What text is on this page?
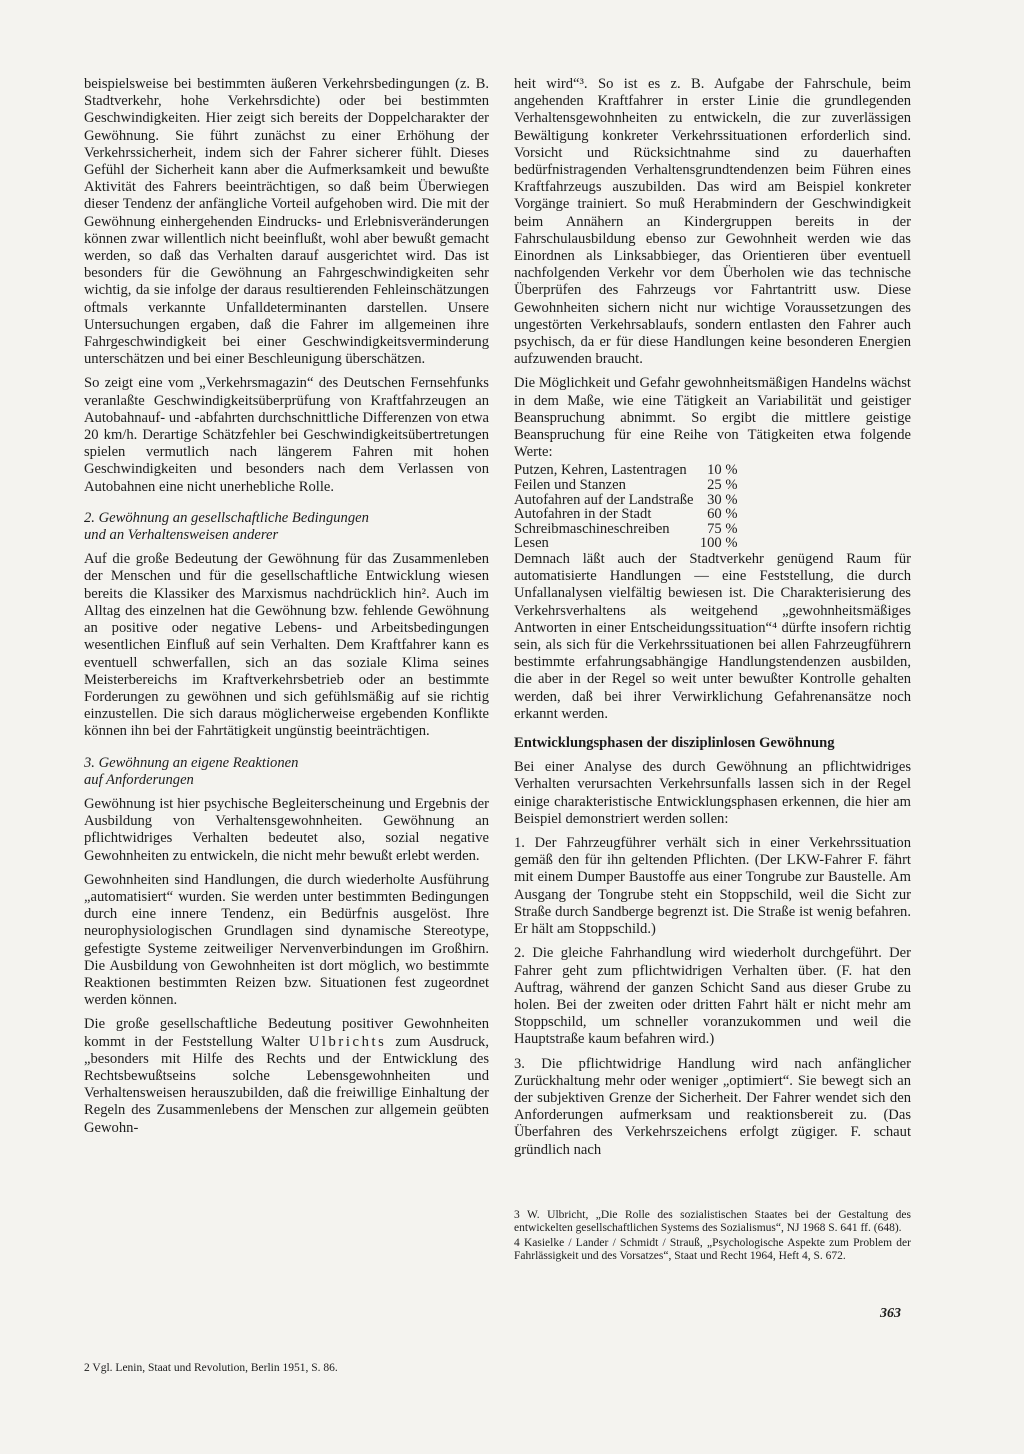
beispielsweise bei bestimmten äußeren Verkehrsbedingungen (z. B. Stadtverkehr, hohe Verkehrsdichte) oder bei bestimmten Geschwindigkeiten. Hier zeigt sich bereits der Doppelcharakter der Gewöhnung. Sie führt zunächst zu einer Erhöhung der Verkehrssicherheit, indem sich der Fahrer sicherer fühlt. Dieses Gefühl der Sicherheit kann aber die Aufmerksamkeit und bewußte Aktivität des Fahrers beeinträchtigen, so daß beim Überwiegen dieser Tendenz der anfängliche Vorteil aufgehoben wird. Die mit der Gewöhnung einhergehenden Eindrucks- und Erlebnisveränderungen können zwar willentlich nicht beeinflußt, wohl aber bewußt gemacht werden, so daß das Verhalten darauf ausgerichtet wird. Das ist besonders für die Gewöhnung an Fahrgeschwindigkeiten sehr wichtig, da sie infolge der daraus resultierenden Fehleinschätzungen oftmals verkannte Unfalldeterminanten darstellen. Unsere Untersuchungen ergaben, daß die Fahrer im allgemeinen ihre Fahrgeschwindigkeit bei einer Geschwindigkeitsverminderung unterschätzen und bei einer Beschleunigung überschätzen.

So zeigt eine vom „Verkehrsmagazin“ des Deutschen Fernsehfunks veranlaßte Geschwindigkeitsüberprüfung von Kraftfahrzeugen an Autobahnauf- und -abfahrten durchschnittliche Differenzen von etwa 20 km/h. Derartige Schätzfehler bei Geschwindigkeitsübertretungen spielen vermutlich nach längerem Fahren mit hohen Geschwindigkeiten und besonders nach dem Verlassen von Autobahnen eine nicht unerhebliche Rolle.

2. Gewöhnung an gesellschaftliche Bedingungen
und an Verhaltensweisen anderer

Auf die große Bedeutung der Gewöhnung für das Zusammenleben der Menschen und für die gesellschaftliche Entwicklung wiesen bereits die Klassiker des Marxismus nachdrücklich hin². Auch im Alltag des einzelnen hat die Gewöhnung bzw. fehlende Gewöhnung an positive oder negative Lebens- und Arbeitsbedingungen wesentlichen Einfluß auf sein Verhalten. Dem Kraftfahrer kann es eventuell schwerfallen, sich an das soziale Klima seines Meisterbereichs im Kraftverkehrsbetrieb oder an bestimmte Forderungen zu gewöhnen und sich gefühlsmäßig auf sie richtig einzustellen. Die sich daraus möglicherweise ergebenden Konflikte können ihn bei der Fahrtätigkeit ungünstig beeinträchtigen.

3. Gewöhnung an eigene Reaktionen
auf Anforderungen

Gewöhnung ist hier psychische Begleiterscheinung und Ergebnis der Ausbildung von Verhaltensgewohnheiten. Gewöhnung an pflichtwidriges Verhalten bedeutet also, sozial negative Gewohnheiten zu entwickeln, die nicht mehr bewußt erlebt werden.

Gewohnheiten sind Handlungen, die durch wiederholte Ausführung „automatisiert“ wurden. Sie werden unter bestimmten Bedingungen durch eine innere Tendenz, ein Bedürfnis ausgelöst. Ihre neurophysiologischen Grundlagen sind dynamische Stereotype, gefestigte Systeme zeitweiliger Nervenverbindungen im Großhirn. Die Ausbildung von Gewohnheiten ist dort möglich, wo bestimmte Reaktionen bestimmten Reizen bzw. Situationen fest zugeordnet werden können.

Die große gesellschaftliche Bedeutung positiver Gewohnheiten kommt in der Feststellung Walter Ulbrichts zum Ausdruck, „besonders mit Hilfe des Rechts und der Entwicklung des Rechtsbewußtseins solche Lebensgewohnheiten und Verhaltensweisen herauszubilden, daß die freiwillige Einhaltung der Regeln des Zusammenlebens der Menschen zur allgemein geübten Gewohn-

heit wird“³. So ist es z. B. Aufgabe der Fahrschule, beim angehenden Kraftfahrer in erster Linie die grundlegenden Verhaltensgewohnheiten zu entwickeln, die zur zuverlässigen Bewältigung konkreter Verkehrssituationen erforderlich sind. Vorsicht und Rücksichtnahme sind zu dauerhaften bedürfnistragenden Verhaltensgrundtendenzen beim Führen eines Kraftfahrzeugs auszubilden. Das wird am Beispiel konkreter Vorgänge trainiert. So muß Herabmindern der Geschwindigkeit beim Annähern an Kindergruppen bereits in der Fahrschulausbildung ebenso zur Gewohnheit werden wie das Einordnen als Linksabbieger, das Orientieren über eventuell nachfolgenden Verkehr vor dem Überholen wie das technische Überprüfen des Fahrzeugs vor Fahrtantritt usw. Diese Gewohnheiten sichern nicht nur wichtige Voraussetzungen des ungestörten Verkehrsablaufs, sondern entlasten den Fahrer auch psychisch, da er für diese Handlungen keine besonderen Energien aufzuwenden braucht.

Die Möglichkeit und Gefahr gewohnheitsmäßigen Handelns wächst in dem Maße, wie eine Tätigkeit an Variabilität und geistiger Beanspruchung abnimmt. So ergibt die mittlere geistige Beanspruchung für eine Reihe von Tätigkeiten etwa folgende Werte:

Putzen, Kehren, Lastentragen	10 %
Feilen und Stanzen	25 %
Autofahren auf der Landstraße	30 %
Autofahren in der Stadt	60 %
Schreibmaschineschreiben	75 %
Lesen	100 %

Demnach läßt auch der Stadtverkehr genügend Raum für automatisierte Handlungen — eine Feststellung, die durch Unfallanalysen vielfältig bewiesen ist. Die Charakterisierung des Verkehrsverhaltens als weitgehend „gewohnheitsmäßiges Antworten in einer Entscheidungssituation“⁴ dürfte insofern richtig sein, als sich für die Verkehrssituationen bei allen Fahrzeugführern bestimmte erfahrungsabhängige Handlungstendenzen ausbilden, die aber in der Regel so weit unter bewußter Kontrolle gehalten werden, daß bei ihrer Verwirklichung Gefahrenansätze noch erkannt werden.

Entwicklungsphasen der disziplinlosen Gewöhnung

Bei einer Analyse des durch Gewöhnung an pflichtwidriges Verhalten verursachten Verkehrsunfalls lassen sich in der Regel einige charakteristische Entwicklungsphasen erkennen, die hier am Beispiel demonstriert werden sollen:

1. Der Fahrzeugführer verhält sich in einer Verkehrssituation gemäß den für ihn geltenden Pflichten. (Der LKW-Fahrer F. fährt mit einem Dumper Baustoffe aus einer Tongrube zur Baustelle. Am Ausgang der Tongrube steht ein Stoppschild, weil die Sicht zur Straße durch Sandberge begrenzt ist. Die Straße ist wenig befahren. Er hält am Stoppschild.)

2. Die gleiche Fahrhandlung wird wiederholt durchgeführt. Der Fahrer geht zum pflichtwidrigen Verhalten über. (F. hat den Auftrag, während der ganzen Schicht Sand aus dieser Grube zu holen. Bei der zweiten oder dritten Fahrt hält er nicht mehr am Stoppschild, um schneller voranzukommen und weil die Hauptstraße kaum befahren wird.)

3. Die pflichtwidrige Handlung wird nach anfänglicher Zurückhaltung mehr oder weniger „optimiert“. Sie bewegt sich an der subjektiven Grenze der Sicherheit. Der Fahrer wendet sich den Anforderungen aufmerksam und reaktionsbereit zu. (Das Überfahren des Verkehrszeichens erfolgt zügiger. F. schaut gründlich nach

3 W. Ulbricht, „Die Rolle des sozialistischen Staates bei der Gestaltung des entwickelten gesellschaftlichen Systems des Sozialismus“, NJ 1968 S. 641 ff. (648).

4 Kasielke / Lander / Schmidt / Strauß, „Psychologische Aspekte zum Problem der Fahrlässigkeit und des Vorsatzes“, Staat und Recht 1964, Heft 4, S. 672.

2 Vgl. Lenin, Staat und Revolution, Berlin 1951, S. 86.
363
